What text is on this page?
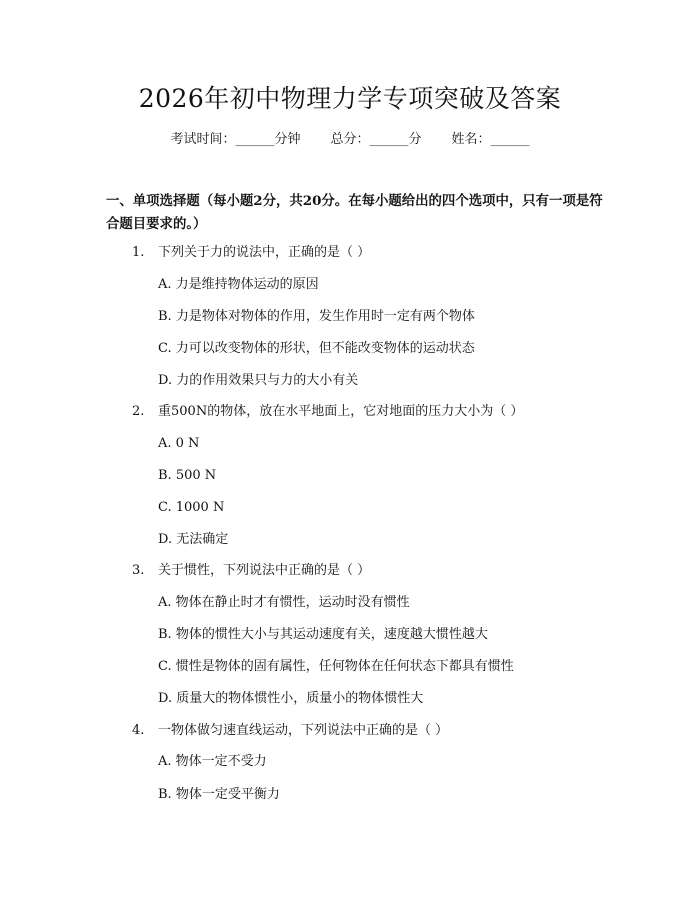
2026年初中物理力学专项突破及答案
考试时间：______分钟 总分：______分 姓名：______
一、单项选择题（每小题2分，共20分。在每小题给出的四个选项中，只有一项是符合题目要求的。）
1. 下列关于力的说法中，正确的是（ ）
A. 力是维持物体运动的原因
B. 力是物体对物体的作用，发生作用时一定有两个物体
C. 力可以改变物体的形状，但不能改变物体的运动状态
D. 力的作用效果只与力的大小有关
2. 重500N的物体，放在水平地面上，它对地面的压力大小为（ ）
A. 0 N
B. 500 N
C. 1000 N
D. 无法确定
3. 关于惯性，下列说法中正确的是（ ）
A. 物体在静止时才有惯性，运动时没有惯性
B. 物体的惯性大小与其运动速度有关，速度越大惯性越大
C. 惯性是物体的固有属性，任何物体在任何状态下都具有惯性
D. 质量大的物体惯性小，质量小的物体惯性大
4. 一物体做匀速直线运动，下列说法中正确的是（ ）
A. 物体一定不受力
B. 物体一定受平衡力
